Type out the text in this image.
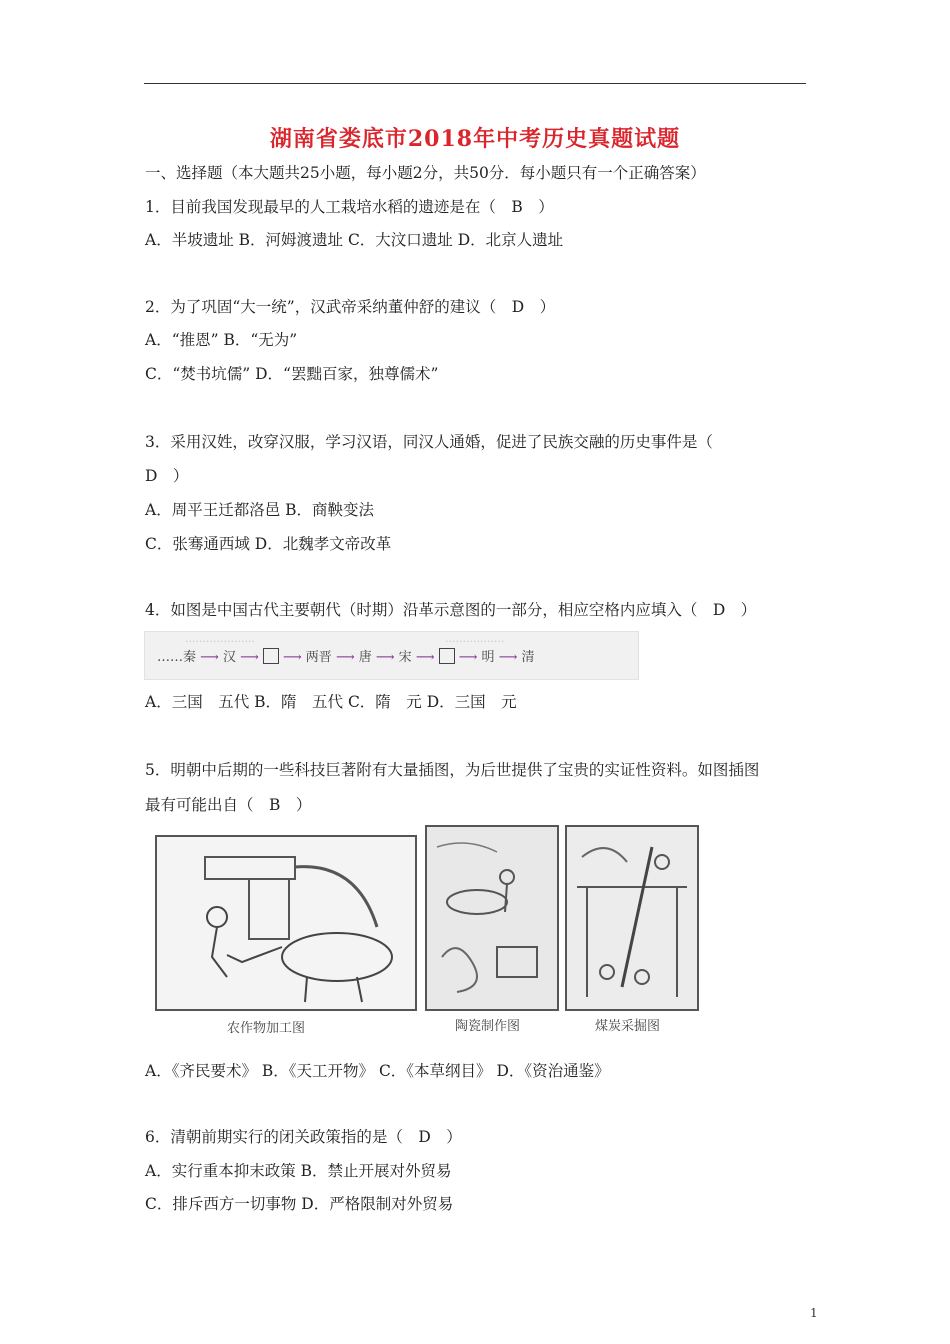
湖南省娄底市2018年中考历史真题试题
一、选择题（本大题共25小题，每小题2分，共50分．每小题只有一个正确答案）
1．目前我国发现最早的人工栽培水稻的遗迹是在（　B　）
A．半坡遗址 B．河姆渡遗址 C．大汶口遗址 D．北京人遗址
2．为了巩固“大一统”，汉武帝采纳董仲舒的建议（　D　）
A．“推恩” B．“无为”
C．“焚书坑儒” D．“罢黜百家，独尊儒术”
3．采用汉姓，改穿汉服，学习汉语，同汉人通婚，促进了民族交融的历史事件是（
D　）
A．周平王迁都洛邑 B．商鞅变法
C．张骞通西域 D．北魏孝文帝改革
4．如图是中国古代主要朝代（时期）沿革示意图的一部分，相应空格内应填入（　D　）
····················	·················
……秦 ⟶ 汉 ⟶ ⟶ 两晋 ⟶ 唐 ⟶ 宋 ⟶ ⟶ 明 ⟶ 清
A．三国　五代 B．隋　五代 C．隋　元 D．三国　元
5．明朝中后期的一些科技巨著附有大量插图，为后世提供了宝贵的实证性资料。如图插图
最有可能出自（　B　）
农作物加工图	陶瓷制作图	煤炭采掘图
A．《齐民要术》 B．《天工开物》 C．《本草纲目》 D．《资治通鉴》
6．清朝前期实行的闭关政策指的是（　D　）
A．实行重本抑末政策 B．禁止开展对外贸易
C．排斥西方一切事物 D．严格限制对外贸易
1
